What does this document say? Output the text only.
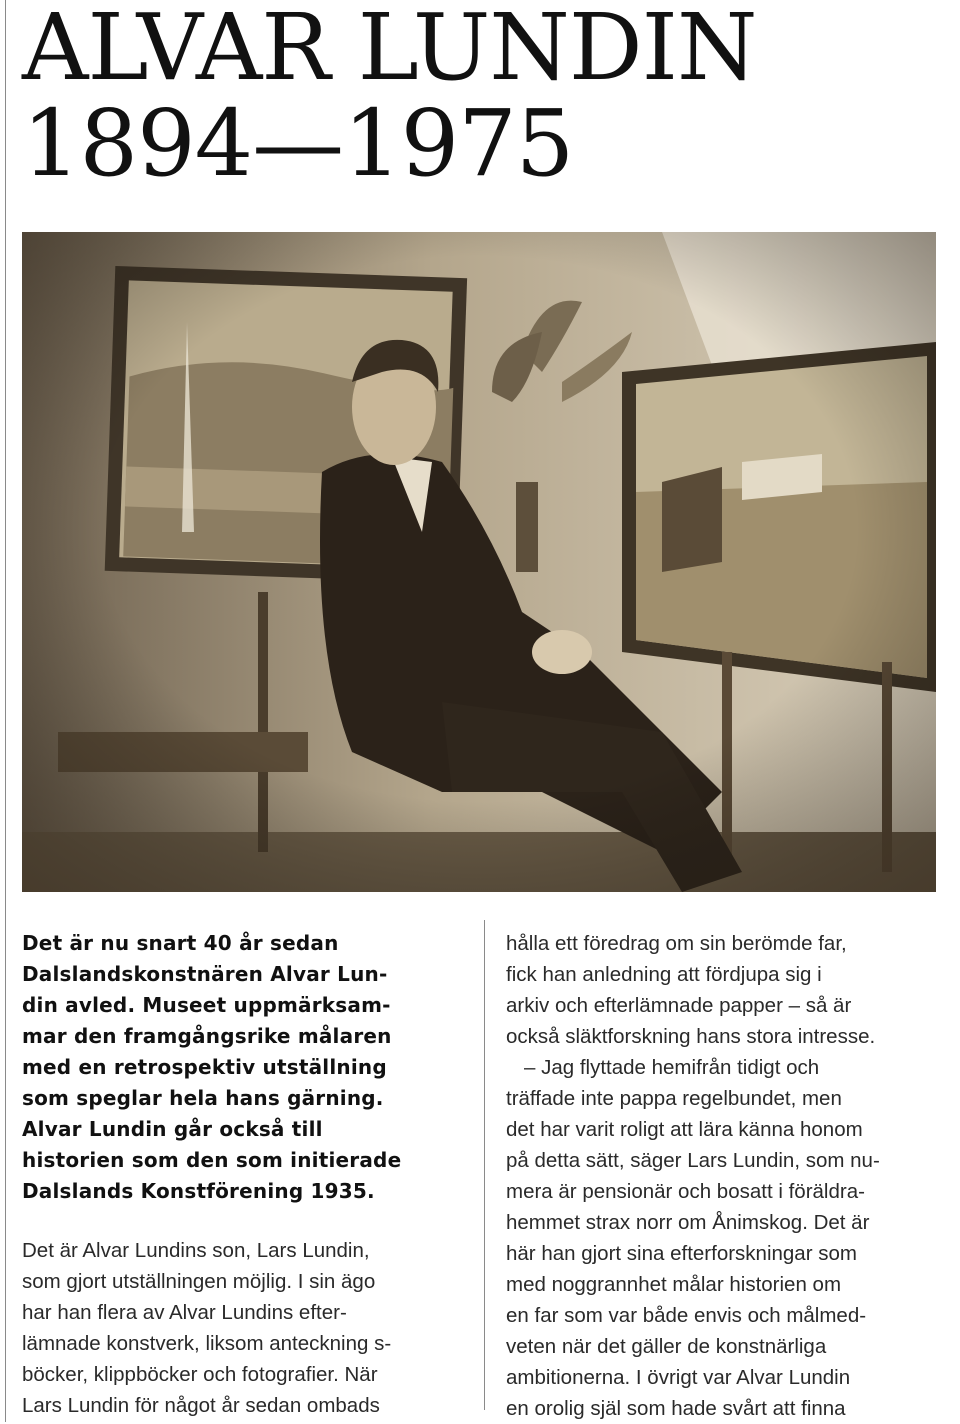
ALVAR LUNDIN
1894—1975

Det är nu snart 40 år sedan
Dalslandskonstnären Alvar Lun-
din avled. Museet uppmärksam-
mar den framgångsrike målaren
med en retrospektiv utställning
som speglar hela hans gärning.
Alvar Lundin går också till
historien som den som initierade
Dalslands Konstförening 1935.

Det är Alvar Lundins son, Lars Lundin,
som gjort utställningen möjlig. I sin ägo
har han flera av Alvar Lundins efter-
lämnade konstverk, liksom anteckning s-
böcker, klippböcker och fotografier. När
Lars Lundin för något år sedan ombads

hålla ett föredrag om sin berömde far,
fick han anledning att fördjupa sig i
arkiv och efterlämnade papper – så är
också släktforskning hans stora intresse.
– Jag flyttade hemifrån tidigt och
träffade inte pappa regelbundet, men
det har varit roligt att lära känna honom
på detta sätt, säger Lars Lundin, som nu-
mera är pensionär och bosatt i föräldra-
hemmet strax norr om Ånimskog. Det är
här han gjort sina efterforskningar som
med noggrannhet målar historien om
en far som var både envis och målmed-
veten när det gäller de konstnärliga
ambitionerna. I övrigt var Alvar Lundin
en orolig själ som hade svårt att finna
